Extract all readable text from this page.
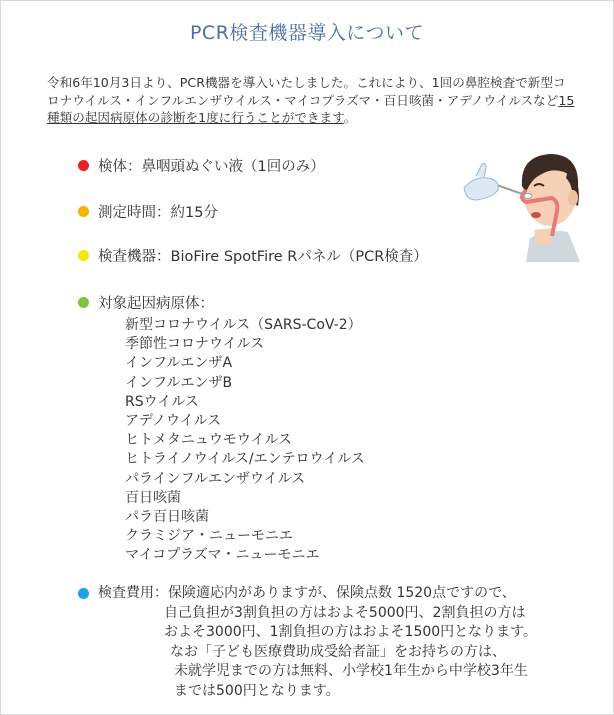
PCR検査機器導入について
令和6年10月3日より、PCR機器を導入いたしました。これにより、1回の鼻腔検査で新型コロナウイルス・インフルエンザウイルス・マイコプラズマ・百日咳菌・アデノウイルスなど15種類の起因病原体の診断を1度に行うことができます。
検体： 鼻咽頭ぬぐい液（1回のみ）
測定時間： 約15分
検査機器： BioFire SpotFire Rパネル（PCR検査）
対象起因病原体：
新型コロナウイルス（SARS-CoV-2）
季節性コロナウイルス
インフルエンザA
インフルエンザB
RSウイルス
アデノウイルス
ヒトメタニュウモウイルス
ヒトライノウイルス/エンテロウイルス
パラインフルエンザウイルス
百日咳菌
パラ百日咳菌
クラミジア・ニューモニエ
マイコプラズマ・ニューモニエ
検査費用： 保険適応内がありますが、保険点数 1520点ですので、
自己負担が3割負担の方はおよそ5000円、2割負担の方は
およそ3000円、1割負担の方はおよそ1500円となります。
なお「子ども医療費助成受給者証」をお持ちの方は、
未就学児までの方は無料、小学校1年生から中学校3年生
までは500円となります。
